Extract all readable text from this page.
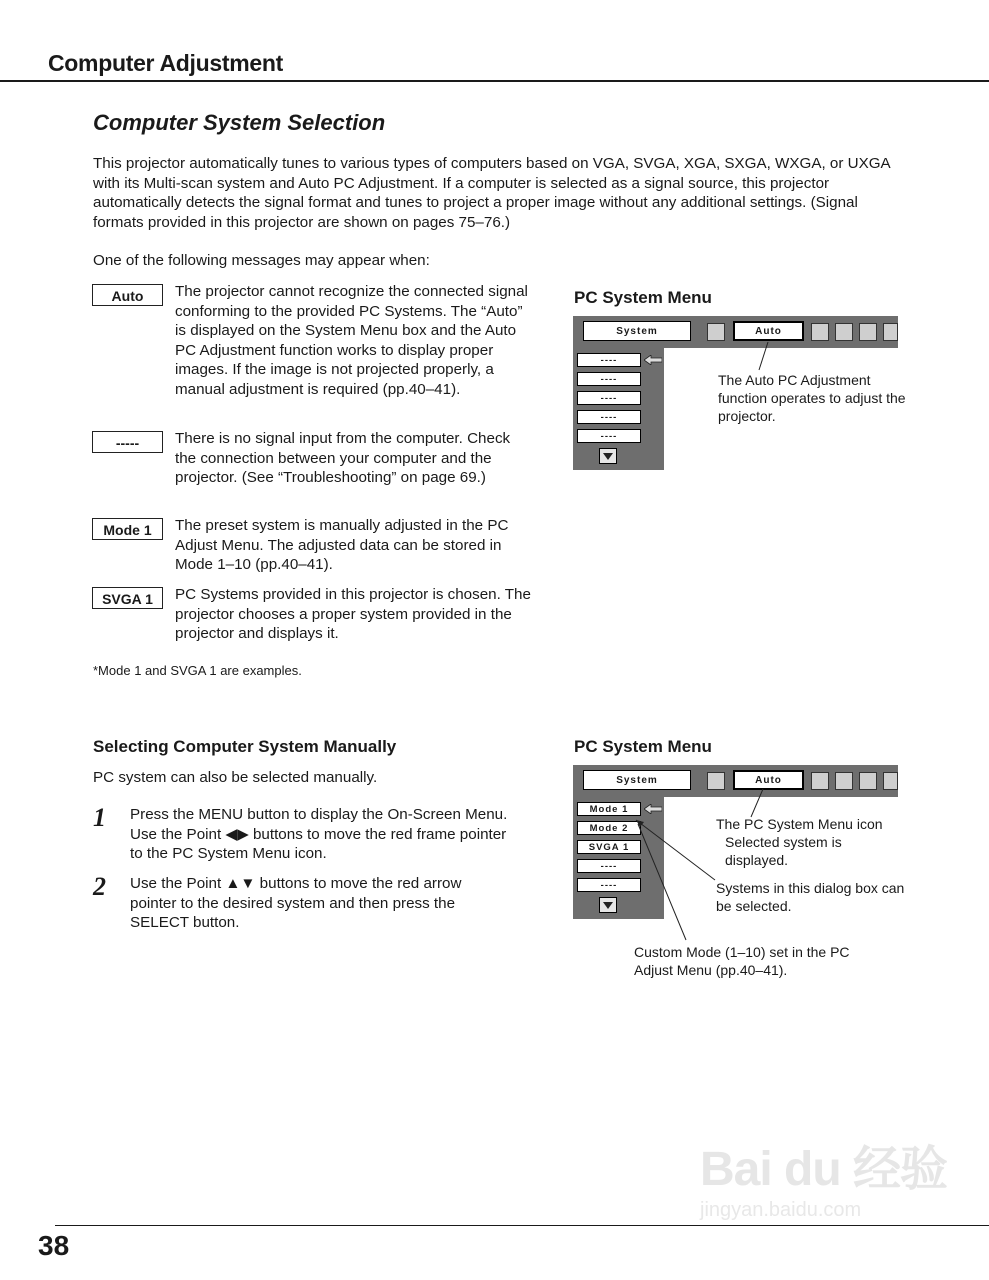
Computer Adjustment
Computer System Selection
This projector automatically tunes to various types of computers based on VGA, SVGA, XGA, SXGA, WXGA, or UXGA with its Multi-scan system and Auto PC Adjustment. If a computer is selected as a signal source, this projector automatically detects the signal format and tunes to project a proper image without any additional settings. (Signal formats provided in this projector are shown on pages 75–76.)
One of the following messages may appear when:
Auto	The projector cannot recognize the connected signal conforming to the provided PC Systems. The “Auto” is displayed on the System Menu box and the Auto PC Adjustment function works to display proper images. If the image is not projected properly, a manual adjustment is required (pp.40–41).
-----	There is no signal input from the computer. Check the connection between your computer and the projector. (See “Troubleshooting” on page 69.)
Mode 1	The preset system is manually adjusted in the PC Adjust Menu. The adjusted data can be stored in Mode 1–10 (pp.40–41).
SVGA 1	PC Systems provided in this projector is chosen. The projector chooses a proper system provided in the projector and displays it.
*Mode 1 and SVGA 1 are examples.
PC System Menu
System	Auto
----
----
----
----
----
The Auto PC Adjustment function operates to adjust the projector.
Selecting Computer System Manually
PC system can also be selected manually.
1 Press the MENU button to display the On-Screen Menu. Use the Point ◀▶ buttons to move the red frame pointer to the PC System Menu icon.
2 Use the Point ▲▼ buttons to move the red arrow pointer to the desired system and then press the SELECT button.
PC System Menu
System	Auto
Mode 1
Mode 2
SVGA 1
----
----
The PC System Menu icon
Selected system is displayed.
Systems in this dialog box can be selected.
Custom Mode (1–10) set in the PC Adjust Menu (pp.40–41).
Bai du 经验
jingyan.baidu.com
38
